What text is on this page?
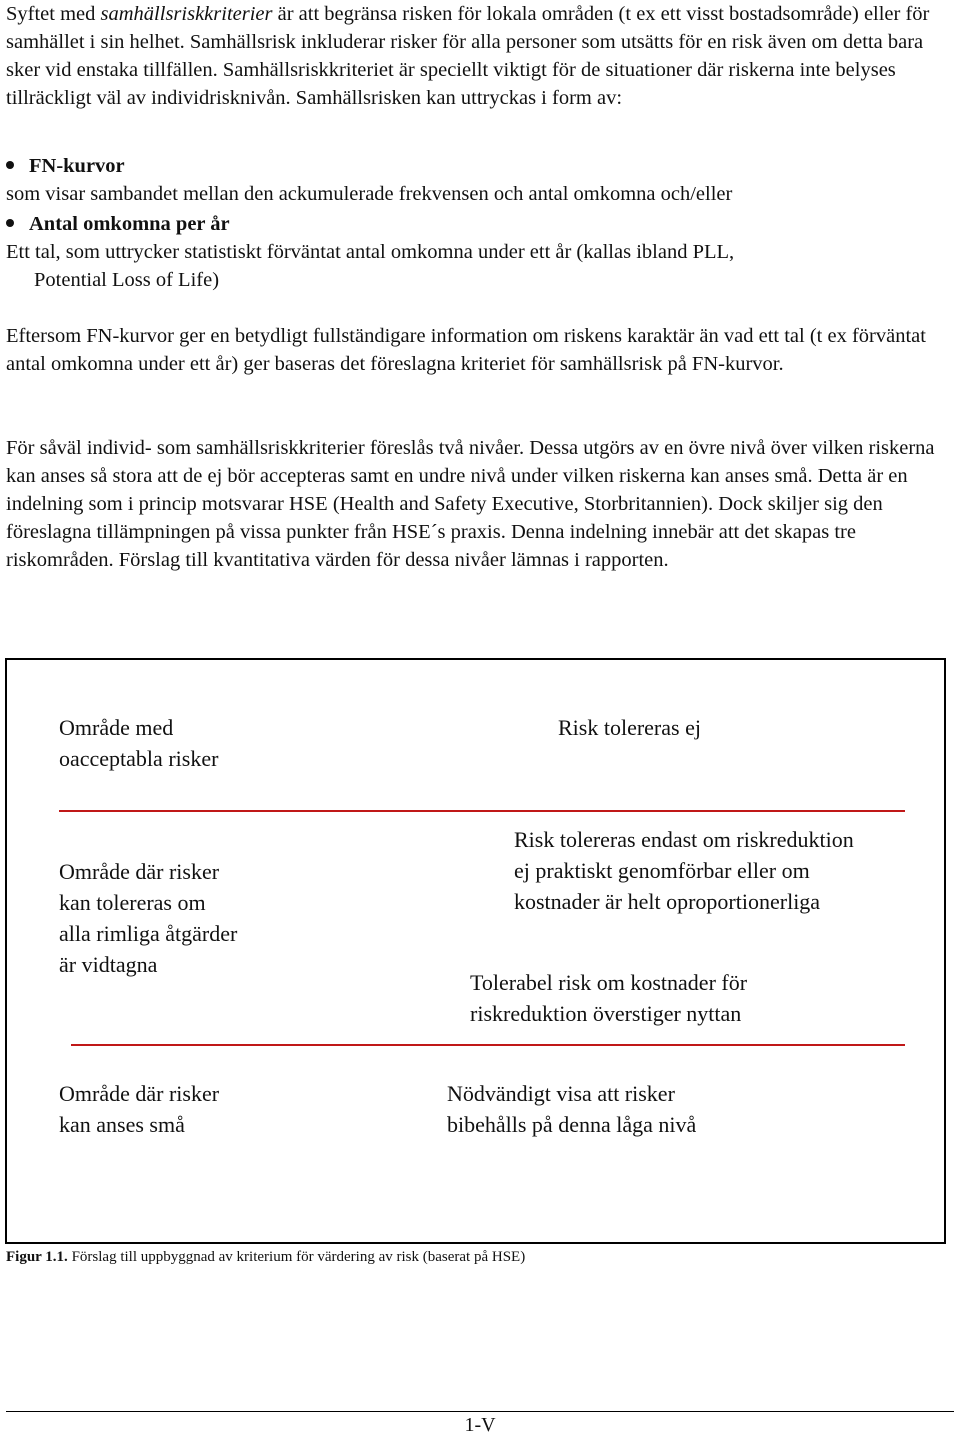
Syftet med samhällsriskkriterier är att begränsa risken för lokala områden (t ex ett visst bostadsområde) eller för samhället i sin helhet. Samhällsrisk inkluderar risker för alla personer som utsätts för en risk även om detta bara sker vid enstaka tillfällen. Samhällsriskkriteriet är speciellt viktigt för de situationer där riskerna inte belyses tillräckligt väl av individrisknivån. Samhällsrisken kan uttryckas i form av:

FN-kurvor
som visar sambandet mellan den ackumulerade frekvensen och antal omkomna och/eller
Antal omkomna per år
Ett tal, som uttrycker statistiskt förväntat antal omkomna under ett år (kallas ibland PLL,
Potential Loss of Life)

Eftersom FN-kurvor ger en betydligt fullständigare information om riskens karaktär än vad ett tal (t ex förväntat antal omkomna under ett år) ger baseras det föreslagna kriteriet för samhällsrisk på FN-kurvor.

För såväl individ- som samhällsriskkriterier föreslås två nivåer. Dessa utgörs av en övre nivå över vilken riskerna kan anses så stora att de ej bör accepteras samt en undre nivå under vilken riskerna kan anses små. Detta är en indelning som i princip motsvarar HSE (Health and Safety Executive, Storbritannien). Dock skiljer sig den föreslagna tillämpningen på vissa punkter från HSE´s praxis. Denna indelning innebär att det skapas tre riskområden. Förslag till kvantitativa värden för dessa nivåer lämnas i rapporten.

Område med
oacceptabla risker
Risk tolereras ej
Område där risker
kan tolereras om
alla rimliga åtgärder
är vidtagna
Risk tolereras endast om riskreduktion
ej praktiskt genomförbar eller om
kostnader är helt oproportionerliga
Tolerabel risk om kostnader för
riskreduktion överstiger nyttan
Område där risker
kan anses små
Nödvändigt visa att risker
bibehålls på denna låga nivå
Figur 1.1. Förslag till uppbyggnad av kriterium för värdering av risk (baserat på HSE)
1-V
